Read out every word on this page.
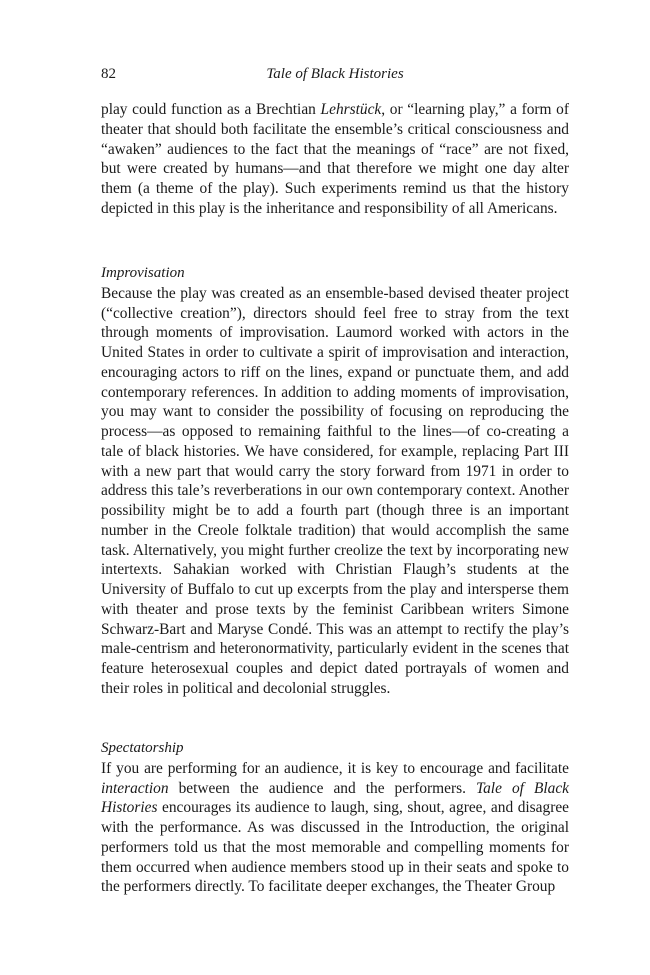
82	Tale of Black Histories

play could function as a Brechtian Lehrstück, or “learning play,” a form of theater that should both facilitate the ensemble’s critical consciousness and “awaken” audiences to the fact that the meanings of “race” are not fixed, but were created by humans—and that therefore we might one day alter them (a theme of the play). Such experiments remind us that the history depicted in this play is the inheritance and responsibility of all Americans.

Improvisation

Because the play was created as an ensemble-based devised theater project (“collective creation”), directors should feel free to stray from the text through moments of improvisation. Laumord worked with actors in the United States in order to cultivate a spirit of improvisation and interaction, encouraging actors to riff on the lines, expand or punctuate them, and add contemporary references. In addition to adding moments of improvisation, you may want to consider the possibility of focusing on reproducing the process—as opposed to remaining faithful to the lines—of co-creating a tale of black histories. We have considered, for example, replacing Part III with a new part that would carry the story forward from 1971 in order to address this tale’s reverberations in our own contemporary context. Another possibility might be to add a fourth part (though three is an important number in the Creole folktale tradition) that would accomplish the same task. Alternatively, you might further creolize the text by incorporating new intertexts. Sahakian worked with Christian Flaugh’s students at the University of Buffalo to cut up excerpts from the play and intersperse them with theater and prose texts by the feminist Caribbean writers Simone Schwarz-Bart and Maryse Condé. This was an attempt to rectify the play’s male-centrism and heteronormativity, particularly evident in the scenes that feature heterosexual couples and depict dated portrayals of women and their roles in political and decolonial struggles.

Spectatorship

If you are performing for an audience, it is key to encourage and facilitate interaction between the audience and the performers. Tale of Black Histories encourages its audience to laugh, sing, shout, agree, and disagree with the performance. As was discussed in the Introduction, the original performers told us that the most memorable and compelling moments for them occurred when audience members stood up in their seats and spoke to the performers directly. To facilitate deeper exchanges, the Theater Group
